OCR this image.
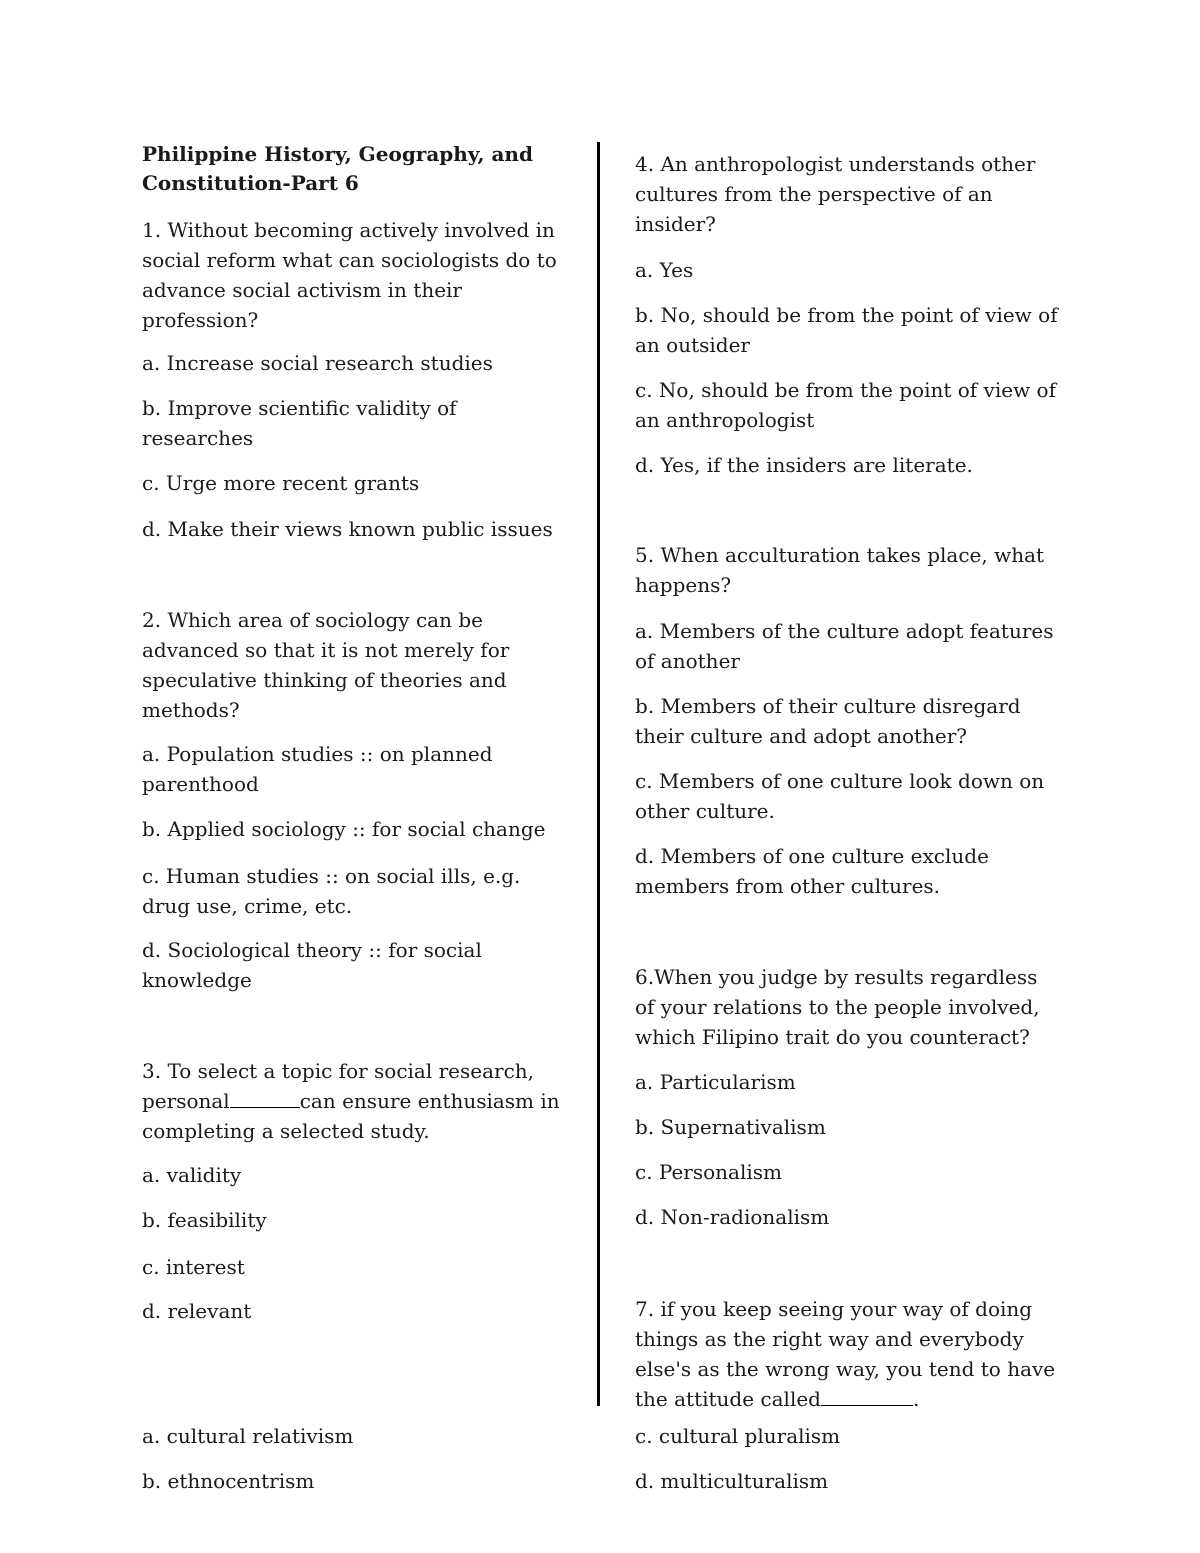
Philippine History, Geography, and Constitution-Part 6

1. Without becoming actively involved in social reform what can sociologists do to advance social activism in their profession?

a. Increase social research studies

b. Improve scientific validity of researches

c. Urge more recent grants

d. Make their views known public issues

2. Which area of sociology can be advanced so that it is not merely for speculative thinking of theories and methods?

a. Population studies :: on planned parenthood

b. Applied sociology :: for social change

c. Human studies :: on social ills, e.g. drug use, crime, etc.

d. Sociological theory :: for social knowledge

3. To select a topic for social research, personal	can ensure enthusiasm in completing a selected study.

a. validity

b. feasibility

c. interest

d. relevant

a. cultural relativism

b. ethnocentrism

4. An anthropologist understands other cultures from the perspective of an insider?

a. Yes

b. No, should be from the point of view of an outsider

c. No, should be from the point of view of an anthropologist

d. Yes, if the insiders are literate.

5. When acculturation takes place, what happens?

a. Members of the culture adopt features of another

b. Members of their culture disregard their culture and adopt another?

c. Members of one culture look down on other culture.

d. Members of one culture exclude members from other cultures.

6.When you judge by results regardless of your relations to the people involved, which Filipino trait do you counteract?

a. Particularism

b. Supernativalism

c. Personalism

d. Non-radionalism

7. if you keep seeing your way of doing things as the right way and everybody else's as the wrong way, you tend to have the attitude called	.

c. cultural pluralism

d. multiculturalism
